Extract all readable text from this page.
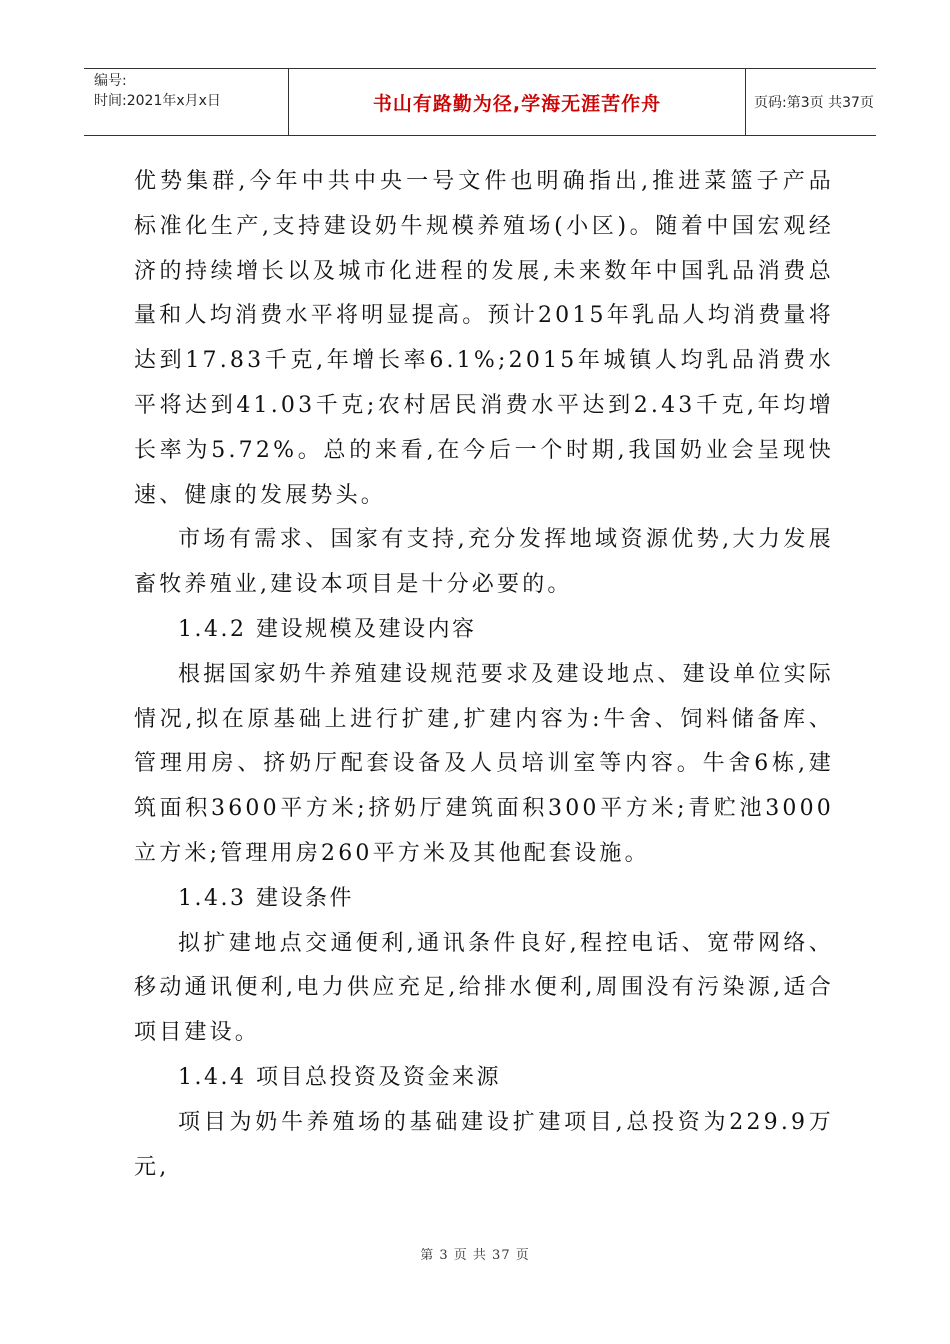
编号:
时间:2021年x月x日	书山有路勤为径,学海无涯苦作舟	页码:第3页 共37页

优势集群,今年中共中央一号文件也明确指出,推进菜篮子产品标准化生产,支持建设奶牛规模养殖场(小区)。随着中国宏观经济的持续增长以及城市化进程的发展,未来数年中国乳品消费总量和人均消费水平将明显提高。预计2015年乳品人均消费量将达到17.83千克,年增长率6.1%;2015年城镇人均乳品消费水平将达到41.03千克;农村居民消费水平达到2.43千克,年均增长率为5.72%。总的来看,在今后一个时期,我国奶业会呈现快速、健康的发展势头。

市场有需求、国家有支持,充分发挥地域资源优势,大力发展畜牧养殖业,建设本项目是十分必要的。

1.4.2 建设规模及建设内容

根据国家奶牛养殖建设规范要求及建设地点、建设单位实际情况,拟在原基础上进行扩建,扩建内容为:牛舍、饲料储备库、管理用房、挤奶厅配套设备及人员培训室等内容。牛舍6栋,建筑面积3600平方米;挤奶厅建筑面积300平方米;青贮池3000立方米;管理用房260平方米及其他配套设施。

1.4.3 建设条件

拟扩建地点交通便利,通讯条件良好,程控电话、宽带网络、移动通讯便利,电力供应充足,给排水便利,周围没有污染源,适合项目建设。

1.4.4 项目总投资及资金来源

项目为奶牛养殖场的基础建设扩建项目,总投资为229.9万元,

第 3 页 共 37 页
